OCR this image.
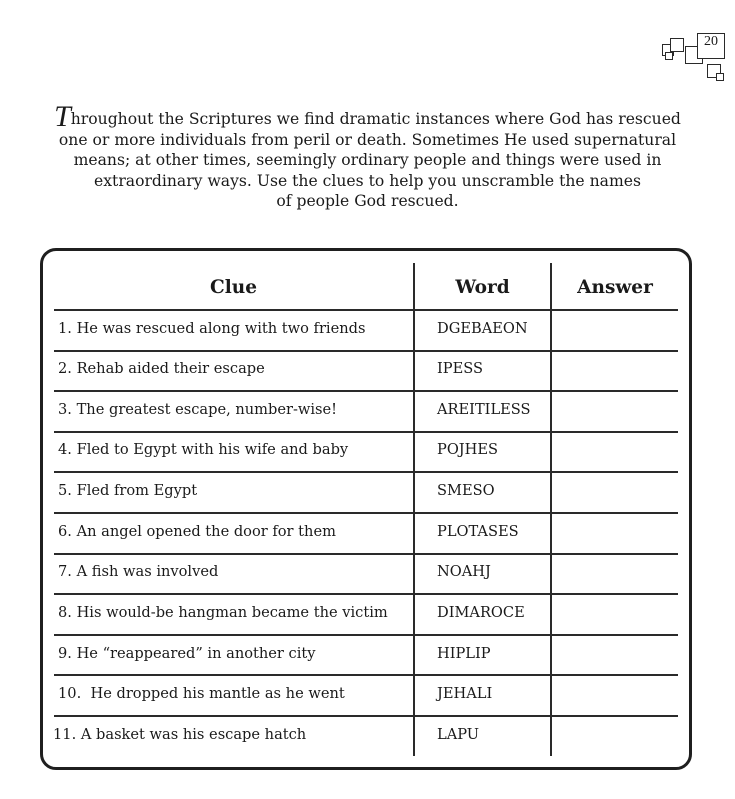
20
Throughout the Scriptures we find dramatic instances where God has rescued
one or more individuals from peril or death. Sometimes He used supernatural
means; at other times, seemingly ordinary people and things were used in
extraordinary ways. Use the clues to help you unscramble the names
of people God rescued.
Clue	Word	Answer
1. He was rescued along with two friends	DGEBAEON
2. Rehab aided their escape	IPESS
3. The greatest escape, number-wise!	AREITILESS
4. Fled to Egypt with his wife and baby	POJHES
5. Fled from Egypt	SMESO
6. An angel opened the door for them	PLOTASES
7. A fish was involved	NOAHJ
8. His would-be hangman became the victim	DIMAROCE
9. He “reappeared” in another city	HIPLIP
10.  He dropped his mantle as he went	JEHALI
11. A basket was his escape hatch	LAPU
